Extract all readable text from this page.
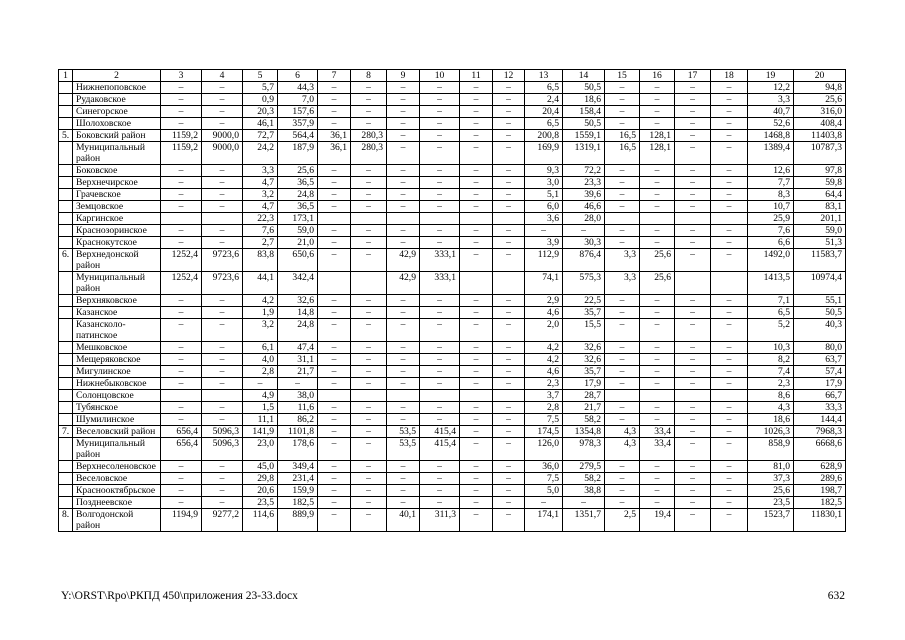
1	2	3	4	5	6	7	8	9	10	11	12	13	14	15	16	17	18	19	20
	Нижнепоповское	–	–	5,7	44,3	–	–	–	–	–	–	6,5	50,5	–	–	–	–	12,2	94,8
	Рудаковское	–	–	0,9	7,0	–	–	–	–	–	–	2,4	18,6	–	–	–	–	3,3	25,6
	Синегорское	–	–	20,3	157,6	–	–	–	–	–	–	20,4	158,4	–	–	–	–	40,7	316,0
	Шолоховское	–	–	46,1	357,9	–	–	–	–	–	–	6,5	50,5	–	–	–	–	52,6	408,4
5.	Боковский район	1159,2	9000,0	72,7	564,4	36,1	280,3	–	–	–	–	200,8	1559,1	16,5	128,1	–	–	1468,8	11403,8
	Муниципальный район	1159,2	9000,0	24,2	187,9	36,1	280,3	–	–	–	–	169,9	1319,1	16,5	128,1	–	–	1389,4	10787,3
	Боковское	–	–	3,3	25,6	–	–	–	–	–	–	9,3	72,2	–	–	–	–	12,6	97,8
	Верхнечирское	–	–	4,7	36,5	–	–	–	–	–	–	3,0	23,3	–	–	–	–	7,7	59,8
	Грачевское	–	–	3,2	24,8	–	–	–	–	–	–	5,1	39,6	–	–	–	–	8,3	64,4
	Земцовское	–	–	4,7	36,5	–	–	–	–	–	–	6,0	46,6	–	–	–	–	10,7	83,1
	Каргинское			22,3	173,1							3,6	28,0					25,9	201,1
	Краснозоринское	–	–	7,6	59,0	–	–	–	–	–	–	–	–	–	–	–	–	7,6	59,0
	Краснокутское	–	–	2,7	21,0	–	–	–	–	–	–	3,9	30,3	–	–	–	–	6,6	51,3
6.	Верхнедонской район	1252,4	9723,6	83,8	650,6	–	–	42,9	333,1	–	–	112,9	876,4	3,3	25,6	–	–	1492,0	11583,7
	Муниципальный район	1252,4	9723,6	44,1	342,4			42,9	333,1			74,1	575,3	3,3	25,6			1413,5	10974,4
	Верхняковское	–	–	4,2	32,6	–	–	–	–	–	–	2,9	22,5	–	–	–	–	7,1	55,1
	Казанское	–	–	1,9	14,8	–	–	–	–	–	–	4,6	35,7	–	–	–	–	6,5	50,5
	Казансколо-патинское	–	–	3,2	24,8	–	–	–	–	–	–	2,0	15,5	–	–	–	–	5,2	40,3
	Мешковское	–	–	6,1	47,4	–	–	–	–	–	–	4,2	32,6	–	–	–	–	10,3	80,0
	Мещеряковское	–	–	4,0	31,1	–	–	–	–	–	–	4,2	32,6	–	–	–	–	8,2	63,7
	Мигулинское	–	–	2,8	21,7	–	–	–	–	–	–	4,6	35,7	–	–	–	–	7,4	57,4
	Нижнебыковское	–	–	–	–	–	–	–	–	–	–	2,3	17,9	–	–	–	–	2,3	17,9
	Солонцовское			4,9	38,0							3,7	28,7					8,6	66,7
	Тубянское	–	–	1,5	11,6	–	–	–	–	–	–	2,8	21,7	–	–	–	–	4,3	33,3
	Шумилинское	–	–	11,1	86,2	–	–	–	–	–	–	7,5	58,2	–	–	–	–	18,6	144,4
7.	Веселовский район	656,4	5096,3	141,9	1101,8	–	–	53,5	415,4	–	–	174,5	1354,8	4,3	33,4	–	–	1026,3	7968,3
	Муниципальный район	656,4	5096,3	23,0	178,6	–	–	53,5	415,4	–	–	126,0	978,3	4,3	33,4	–	–	858,9	6668,6
	Верхнесоленовское	–	–	45,0	349,4	–	–	–	–	–	–	36,0	279,5	–	–	–	–	81,0	628,9
	Веселовское	–	–	29,8	231,4	–	–	–	–	–	–	7,5	58,2	–	–	–	–	37,3	289,6
	Краснооктябрьское	–	–	20,6	159,9	–	–	–	–	–	–	5,0	38,8	–	–	–	–	25,6	198,7
	Позднеевское	–	–	23,5	182,5	–	–	–	–	–	–	–	–	–	–	–	–	23,5	182,5
8.	Волгодонской район	1194,9	9277,2	114,6	889,9	–	–	40,1	311,3	–	–	174,1	1351,7	2,5	19,4	–	–	1523,7	11830,1
Y:\ORST\Rpo\РКПД 450\приложения 23-33.docx	632
